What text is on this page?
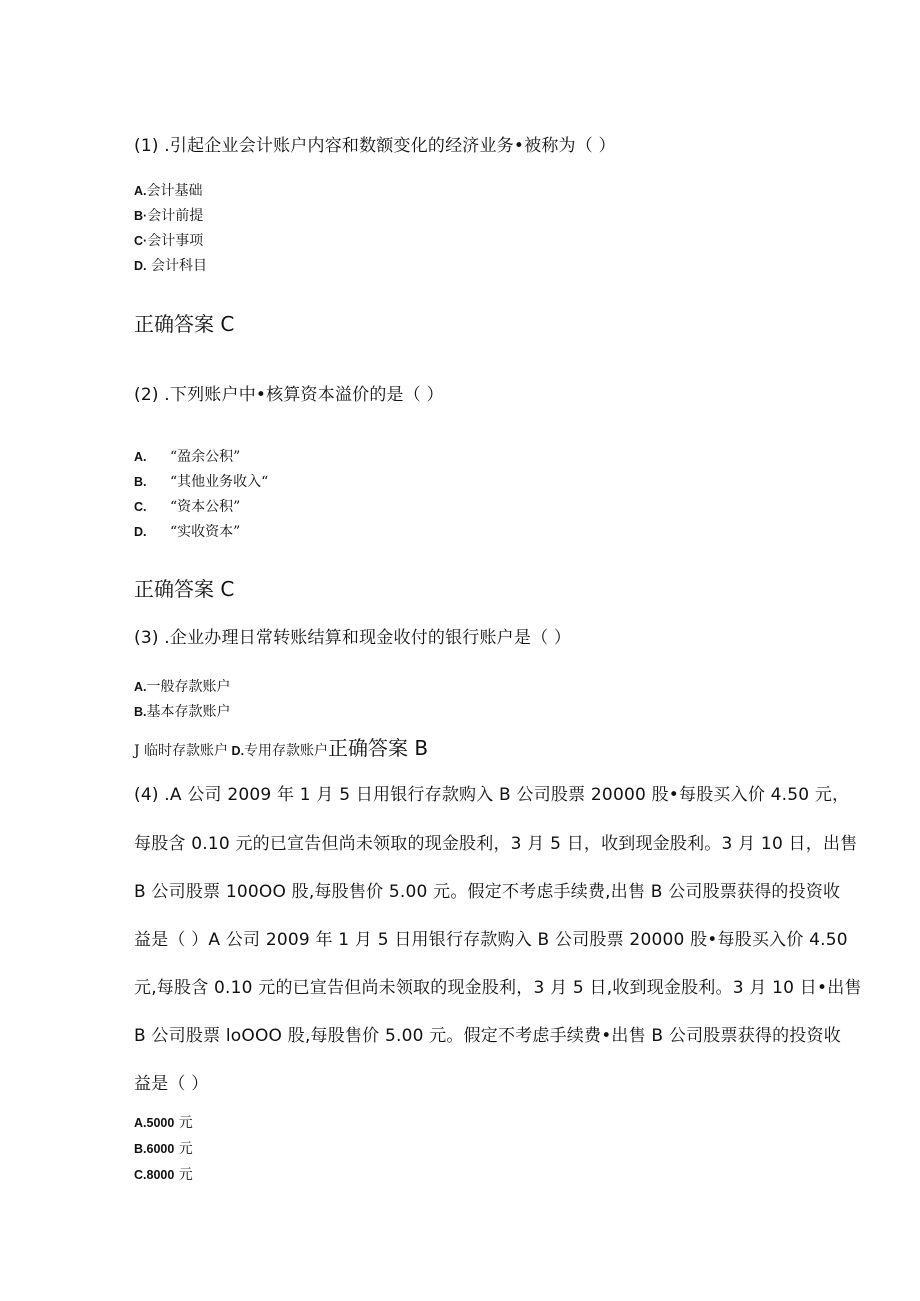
(1) .引起企业会计账户内容和数额变化的经济业务•被称为（ ）
A.会计基础
B·会计前提
C·会计事项
D. 会计科目
正确答案 C
(2) .下列账户中•核算资本溢价的是（ ）
A. “盈余公积”
B. “其他业务收入“
C. “资本公积”
D. “实收资本”
正确答案 C
(3) .企业办理日常转账结算和现金收付的银行账户是（ ）
A.一般存款账户
B.基本存款账户
J 临时存款账户 D.专用存款账户正确答案 B
(4) .A 公司 2009 年 1 月 5 日用银行存款购入 B 公司股票 20000 股•每股买入价 4.50 元，
每股含 0.10 元的已宣告但尚未领取的现金股利，3 月 5 日，收到现金股利。3 月 10 日，出售
B 公司股票 100OO 股,每股售价 5.00 元。假定不考虑手续费,出售 B 公司股票获得的投资收
益是（ ）A 公司 2009 年 1 月 5 日用银行存款购入 B 公司股票 20000 股•每股买入价 4.50
元,每股含 0.10 元的已宣告但尚未领取的现金股利，3 月 5 日,收到现金股利。3 月 10 日•出售
B 公司股票 loOOO 股,每股售价 5.00 元。假定不考虑手续费•出售 B 公司股票获得的投资收
益是（ ）
A.5000 元
B.6000 元
C.8000 元
